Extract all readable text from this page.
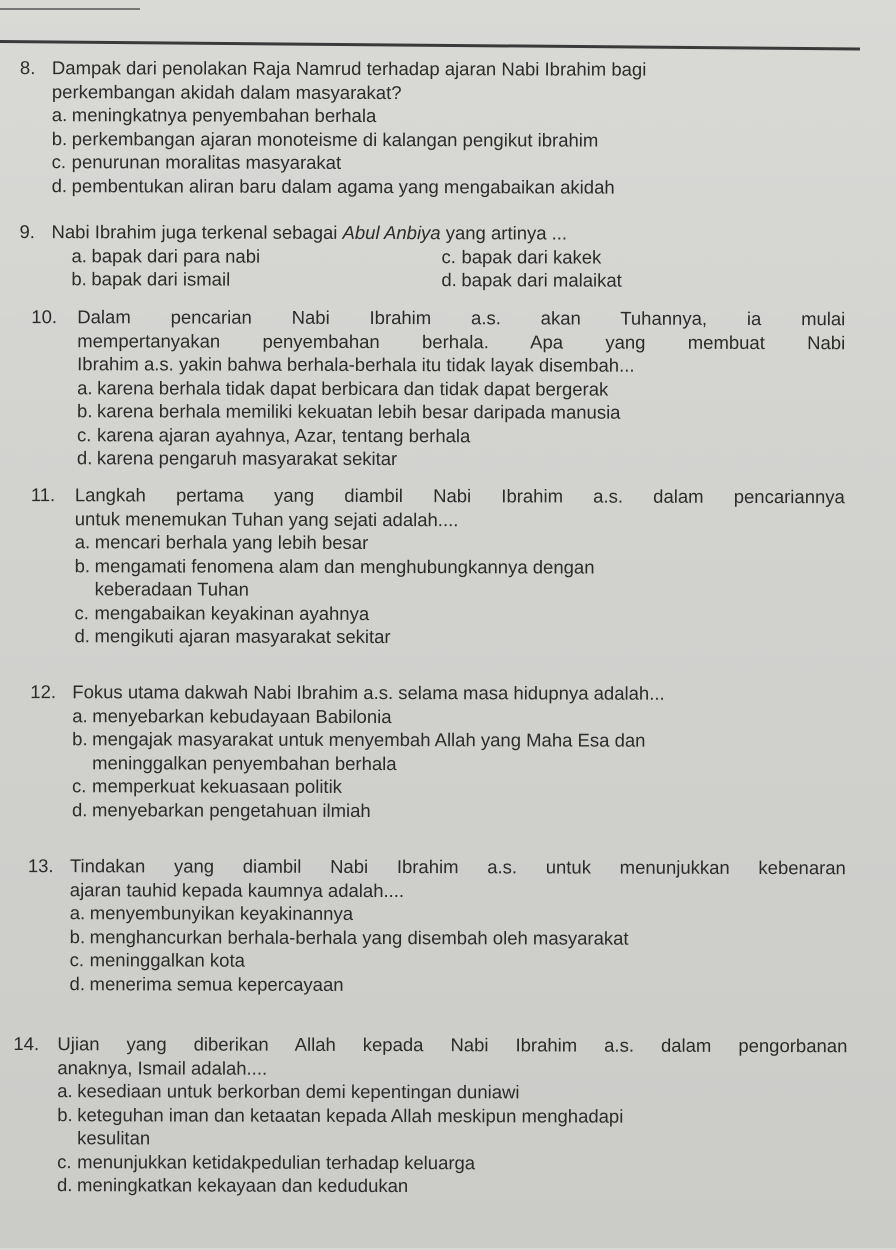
8. Dampak dari penolakan Raja Namrud terhadap ajaran Nabi Ibrahim bagi

perkembangan akidah dalam masyarakat?

a. meningkatnya penyembahan berhala
b. perkembangan ajaran monoteisme di kalangan pengikut ibrahim
c. penurunan moralitas masyarakat
d. pembentukan aliran baru dalam agama yang mengabaikan akidah
9. Nabi Ibrahim juga terkenal sebagai Abul Anbiya yang artinya ...

a. bapak dari para nabi	c. bapak dari kakek
b. bapak dari ismail	d. bapak dari malaikat
10. Dalam pencarian Nabi Ibrahim a.s. akan Tuhannya, ia mulai

mempertanyakan penyembahan berhala. Apa yang membuat Nabi

Ibrahim a.s. yakin bahwa berhala-berhala itu tidak layak disembah...

a. karena berhala tidak dapat berbicara dan tidak dapat bergerak
b. karena berhala memiliki kekuatan lebih besar daripada manusia
c. karena ajaran ayahnya, Azar, tentang berhala
d. karena pengaruh masyarakat sekitar
11. Langkah pertama yang diambil Nabi Ibrahim a.s. dalam pencariannya

untuk menemukan Tuhan yang sejati adalah....

a. mencari berhala yang lebih besar
b. mengamati fenomena alam dan menghubungkannya dengan
keberadaan Tuhan
c. mengabaikan keyakinan ayahnya
d. mengikuti ajaran masyarakat sekitar
12. Fokus utama dakwah Nabi Ibrahim a.s. selama masa hidupnya adalah...

a. menyebarkan kebudayaan Babilonia
b. mengajak masyarakat untuk menyembah Allah yang Maha Esa dan
meninggalkan penyembahan berhala
c. memperkuat kekuasaan politik
d. menyebarkan pengetahuan ilmiah
13. Tindakan yang diambil Nabi Ibrahim a.s. untuk menunjukkan kebenaran

ajaran tauhid kepada kaumnya adalah....

a. menyembunyikan keyakinannya
b. menghancurkan berhala-berhala yang disembah oleh masyarakat
c. meninggalkan kota
d. menerima semua kepercayaan
14. Ujian yang diberikan Allah kepada Nabi Ibrahim a.s. dalam pengorbanan

anaknya, Ismail adalah....

a. kesediaan untuk berkorban demi kepentingan duniawi
b. keteguhan iman dan ketaatan kepada Allah meskipun menghadapi
kesulitan
c. menunjukkan ketidakpedulian terhadap keluarga
d. meningkatkan kekayaan dan kedudukan
